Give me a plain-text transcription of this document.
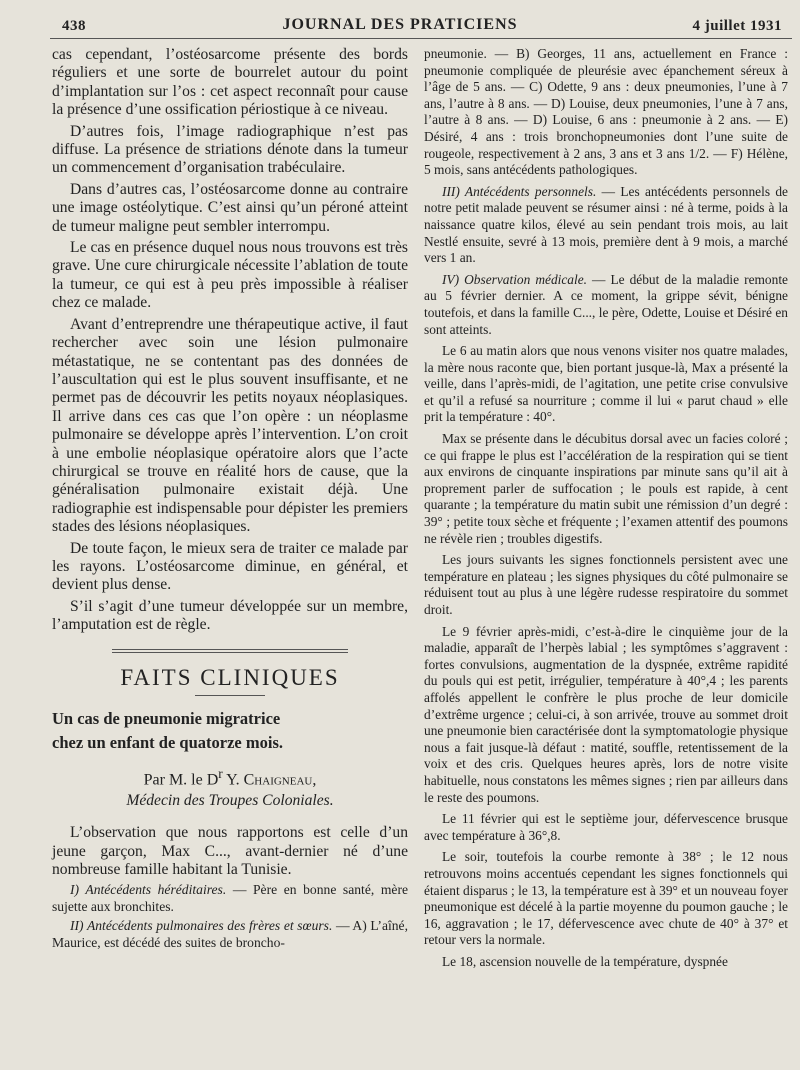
438	JOURNAL DES PRATICIENS	4 juillet 1931

cas cependant, l’ostéosarcome présente des bords réguliers et une sorte de bourrelet autour du point d’implantation sur l’os : cet aspect reconnaît pour cause la présence d’une ossification périostique à ce niveau.

D’autres fois, l’image radiographique n’est pas diffuse. La présence de striations dénote dans la tumeur un commencement d’organisation trabéculaire.

Dans d’autres cas, l’ostéosarcome donne au contraire une image ostéolytique. C’est ainsi qu’un péroné atteint de tumeur maligne peut sembler interrompu.

Le cas en présence duquel nous nous trouvons est très grave. Une cure chirurgicale nécessite l’ablation de toute la tumeur, ce qui est à peu près impossible à réaliser chez ce malade.

Avant d’entreprendre une thérapeutique active, il faut rechercher avec soin une lésion pulmonaire métastatique, ne se contentant pas des données de l’auscultation qui est le plus souvent insuffisante, et ne permet pas de découvrir les petits noyaux néoplasiques. Il arrive dans ces cas que l’on opère : un néoplasme pulmonaire se développe après l’intervention. L’on croit à une embolie néoplasique opératoire alors que l’acte chirurgical se trouve en réalité hors de cause, que la généralisation pulmonaire existait déjà. Une radiographie est indispensable pour dépister les premiers stades des lésions néoplasiques.

De toute façon, le mieux sera de traiter ce malade par les rayons. L’ostéosarcome diminue, en général, et devient plus dense.

S’il s’agit d’une tumeur développée sur un membre, l’amputation est de règle.

FAITS CLINIQUES

Un cas de pneumonie migratrice

chez un enfant de quatorze mois.

Par M. le $D^r$ Y. Chaigneau,
Médecin des Troupes Coloniales.

L’observation que nous rapportons est celle d’un jeune garçon, Max C..., avant-dernier né d’une nombreuse famille habitant la Tunisie.

I) Antécédents héréditaires. — Père en bonne santé, mère sujette aux bronchites.

II) Antécédents pulmonaires des frères et sœurs. — A) L’aîné, Maurice, est décédé des suites de broncho-

pneumonie. — B) Georges, 11 ans, actuellement en France : pneumonie compliquée de pleurésie avec épanchement séreux à l’âge de 5 ans. — C) Odette, 9 ans : deux pneumonies, l’une à 7 ans, l’autre à 8 ans. — D) Louise, deux pneumonies, l’une à 7 ans, l’autre à 8 ans. — D) Louise, 6 ans : pneumonie à 2 ans. — E) Désiré, 4 ans : trois bronchopneumonies dont l’une suite de rougeole, respectivement à 2 ans, 3 ans et 3 ans 1/2. — F) Hélène, 5 mois, sans antécédents pathologiques.

III) Antécédents personnels. — Les antécédents personnels de notre petit malade peuvent se résumer ainsi : né à terme, poids à la naissance quatre kilos, élevé au sein pendant trois mois, au lait Nestlé ensuite, sevré à 13 mois, première dent à 9 mois, a marché vers 1 an.

IV) Observation médicale. — Le début de la maladie remonte au 5 février dernier. A ce moment, la grippe sévit, bénigne toutefois, et dans la famille C..., le père, Odette, Louise et Désiré en sont atteints.

Le 6 au matin alors que nous venons visiter nos quatre malades, la mère nous raconte que, bien portant jusque-là, Max a présenté la veille, dans l’après-midi, de l’agitation, une petite crise convulsive et qu’il a refusé sa nourriture ; comme il lui « parut chaud » elle prit la température : 40°.

Max se présente dans le décubitus dorsal avec un facies coloré ; ce qui frappe le plus est l’accélération de la respiration qui se tient aux environs de cinquante inspirations par minute sans qu’il ait à proprement parler de suffocation ; le pouls est rapide, à cent quarante ; la température du matin subit une rémission d’un degré : 39° ; petite toux sèche et fréquente ; l’examen attentif des poumons ne révèle rien ; troubles digestifs.

Les jours suivants les signes fonctionnels persistent avec une température en plateau ; les signes physiques du côté pulmonaire se réduisent tout au plus à une légère rudesse respiratoire du sommet droit.

Le 9 février après-midi, c’est-à-dire le cinquième jour de la maladie, apparaît de l’herpès labial ; les symptômes s’aggravent : fortes convulsions, augmentation de la dyspnée, extrême rapidité du pouls qui est petit, irrégulier, température à 40°,4 ; les parents affolés appellent le confrère le plus proche de leur domicile d’extrême urgence ; celui-ci, à son arrivée, trouve au sommet droit une pneumonie bien caractérisée dont la symptomatologie physique nous a fait jusque-là défaut : matité, souffle, retentissement de la voix et des cris. Quelques heures après, lors de notre visite habituelle, nous constatons les mêmes signes ; rien par ailleurs dans le reste des poumons.

Le 11 février qui est le septième jour, défervescence brusque avec température à 36°,8.

Le soir, toutefois la courbe remonte à 38° ; le 12 nous retrouvons moins accentués cependant les signes fonctionnels qui étaient disparus ; le 13, la température est à 39° et un nouveau foyer pneumonique est décelé à la partie moyenne du poumon gauche ; le 16, aggravation ; le 17, défervescence avec chute de 40° à 37° et retour vers la normale.

Le 18, ascension nouvelle de la température, dyspnée
